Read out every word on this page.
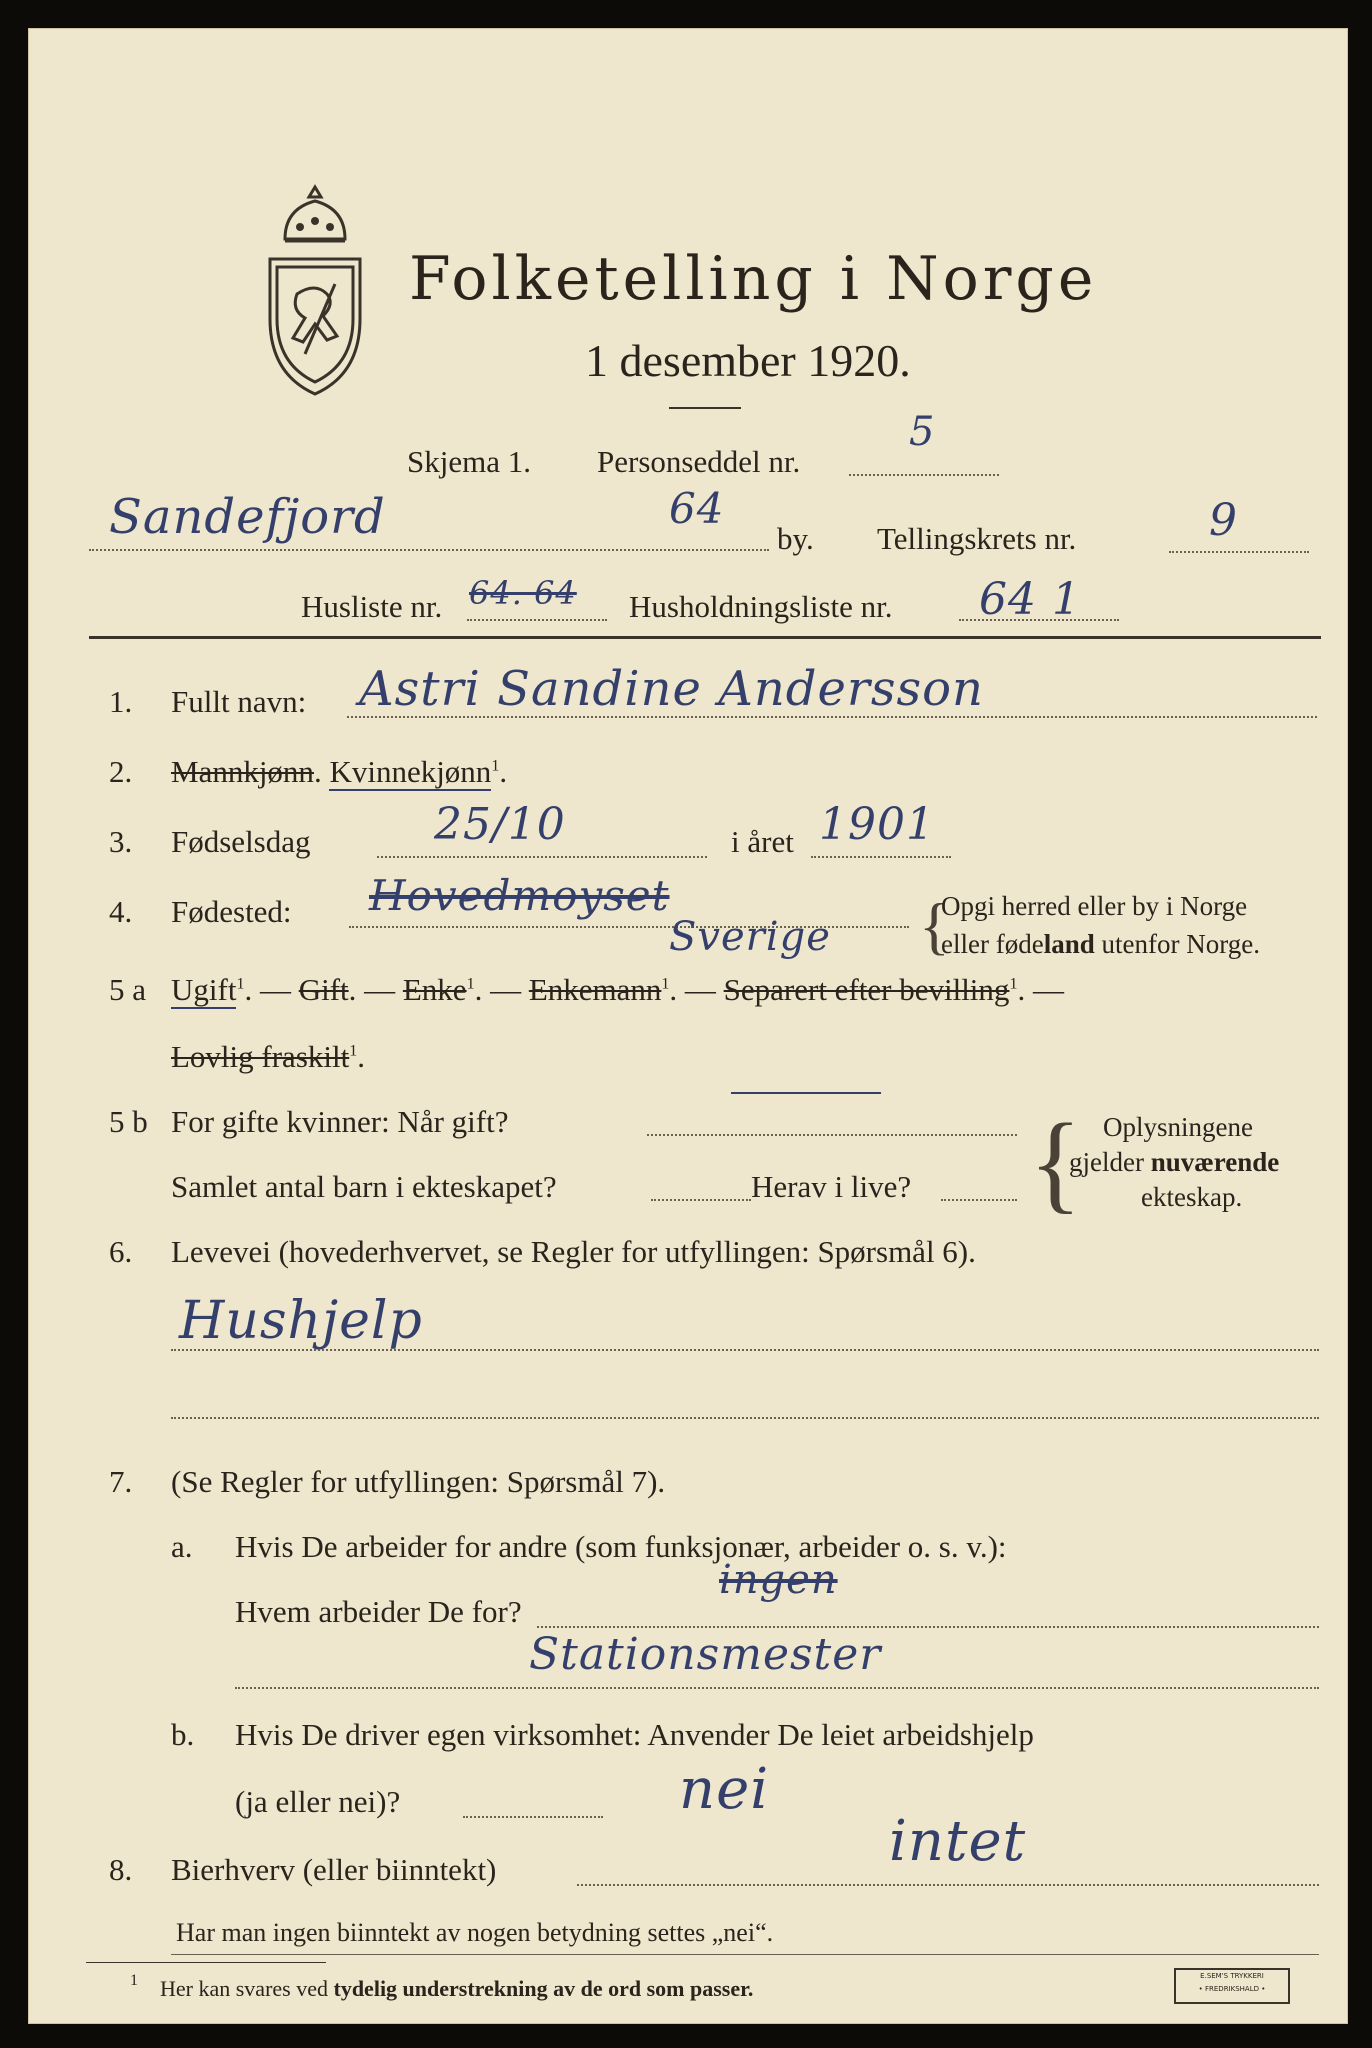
Folketelling i Norge
1 desember 1920.
Skjema 1. Personseddel nr.
5
Sandefjord	64
by. Tellingskrets nr.	9
Husliste nr. 64. 64 Husholdningsliste nr. 64 1
1. Fullt navn: Astri Sandine Andersson
2. Mannkjønn. Kvinnekjønn$^1$.
3. Fødselsdag	25/10	i året 1901
4. Fødested: Hovedmoyset
Sverige {
Opgi herred eller by i Norge
eller fødeland utenfor Norge.
5 a Ugift$^1$. — Gift. — Enke$^1$. — Enkemann$^1$. — Separert efter bevilling$^1$. —
Lovlig fraskilt$^1$.
5 b For gifte kvinner: Når gift?
Samlet antal barn i ekteskapet?	Herav i live? { Oplysningene
gjelder nuværende
ekteskap.
6. Levevei (hovederhvervet, se Regler for utfyllingen: Spørsmål 6).
Hushjelp
7. (Se Regler for utfyllingen: Spørsmål 7).
a. Hvis De arbeider for andre (som funksjonær, arbeider o. s. v.):
Hvem arbeider De for?
ingen
Stationsmester
b. Hvis De driver egen virksomhet: Anvender De leiet arbeidshjelp
(ja eller nei)?	nei
8. Bierhverv (eller biinntekt)	intet
Har man ingen biinntekt av nogen betydning settes „nei“.
1 Her kan svares ved tydelig understrekning av de ord som passer.	E.SEM'S TRYKKERI
• FREDRIKSHALD •
